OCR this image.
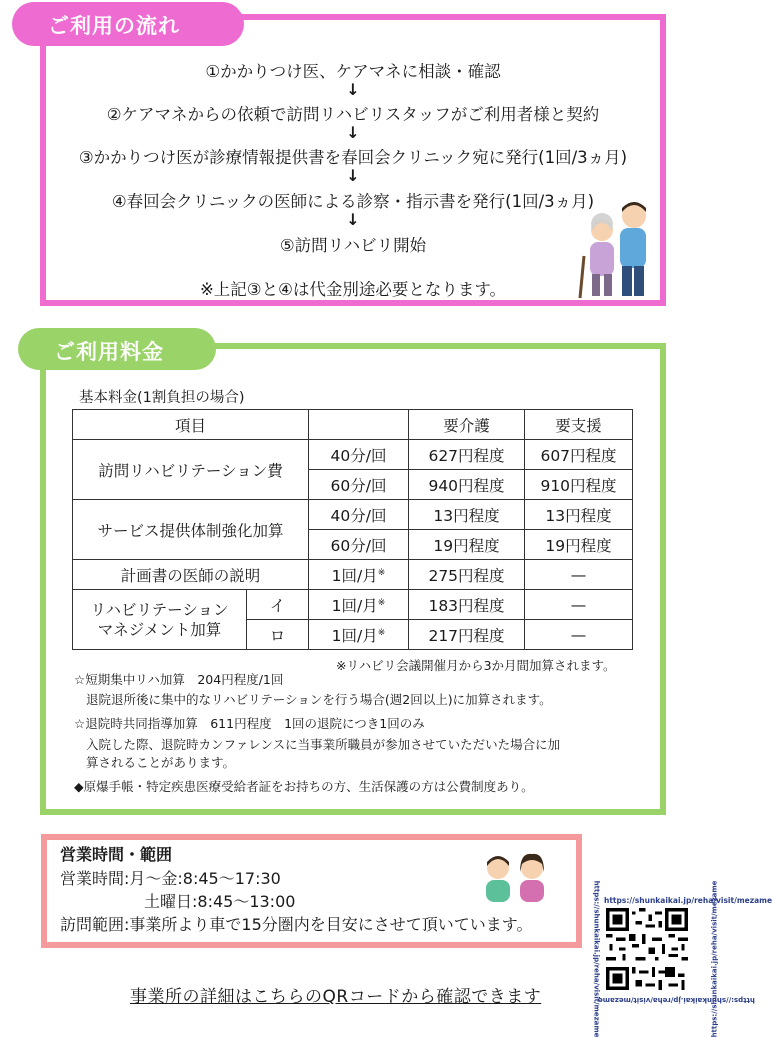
ご利用の流れ
①かかりつけ医、ケアマネに相談・確認
↓
②ケアマネからの依頼で訪問リハビリスタッフがご利用者様と契約
↓
③かかりつけ医が診療情報提供書を春回会クリニック宛に発行(1回/3ヵ月)
↓
④春回会クリニックの医師による診察・指示書を発行(1回/3ヵ月)
↓
⑤訪問リハビリ開始
※上記③と④は代金別途必要となります。
ご利用料金
基本料金(1割負担の場合)
項目			要介護	要支援
訪問リハビリテーション費		40分/回	627円程度	607円程度
		60分/回	940円程度	910円程度
サービス提供体制強化加算		40分/回	13円程度	13円程度
		60分/回	19円程度	19円程度
計画書の医師の説明		1回/月※	275円程度	—
リハビリテーション
マネジメント加算	イ	1回/月※	183円程度	—
	ロ	1回/月※	217円程度	—
※リハビリ会議開催月から3か月間加算されます。
☆短期集中リハ加算　204円程度/1回
退院退所後に集中的なリハビリテーションを行う場合(週2回以上)に加算されます。
☆退院時共同指導加算　611円程度　1回の退院につき1回のみ
入院した際、退院時カンファレンスに当事業所職員が参加させていただいた場合に加
算されることがあります。
◆原爆手帳・特定疾患医療受給者証をお持ちの方、生活保護の方は公費制度あり。
営業時間・範囲
営業時間:月～金:8:45～17:30
土曜日:8:45～13:00
訪問範囲:事業所より車で15分圏内を目安にさせて頂いています。
https://shunkaikai.jp/reha/visit/mezame
https://shunkaikai.jp/reha/visit/mezame	https://shunkaikai.jp/reha/visit/mezame
https://shunkaikai.jp/reha/visit/mezame
事業所の詳細はこちらのQRコードから確認できます
